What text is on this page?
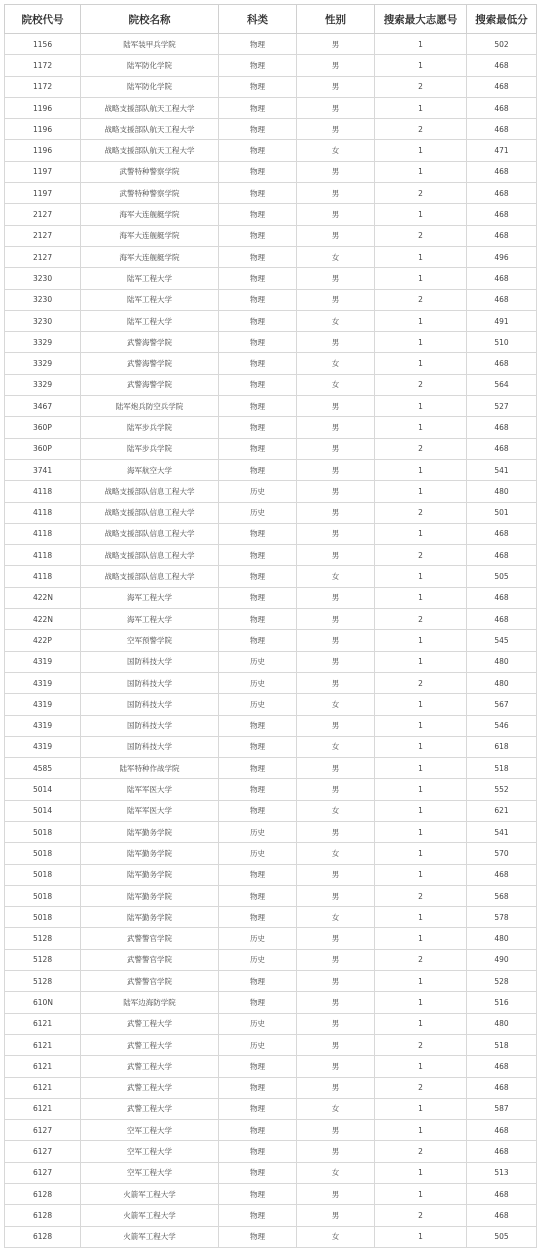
院校代号	院校名称	科类	性别	搜索最大志愿号	搜索最低分
1156	陆军装甲兵学院	物理	男	1	502
1172	陆军防化学院	物理	男	1	468
1172	陆军防化学院	物理	男	2	468
1196	战略支援部队航天工程大学	物理	男	1	468
1196	战略支援部队航天工程大学	物理	男	2	468
1196	战略支援部队航天工程大学	物理	女	1	471
1197	武警特种警察学院	物理	男	1	468
1197	武警特种警察学院	物理	男	2	468
2127	海军大连舰艇学院	物理	男	1	468
2127	海军大连舰艇学院	物理	男	2	468
2127	海军大连舰艇学院	物理	女	1	496
3230	陆军工程大学	物理	男	1	468
3230	陆军工程大学	物理	男	2	468
3230	陆军工程大学	物理	女	1	491
3329	武警海警学院	物理	男	1	510
3329	武警海警学院	物理	女	1	468
3329	武警海警学院	物理	女	2	564
3467	陆军炮兵防空兵学院	物理	男	1	527
360P	陆军步兵学院	物理	男	1	468
360P	陆军步兵学院	物理	男	2	468
3741	海军航空大学	物理	男	1	541
4118	战略支援部队信息工程大学	历史	男	1	480
4118	战略支援部队信息工程大学	历史	男	2	501
4118	战略支援部队信息工程大学	物理	男	1	468
4118	战略支援部队信息工程大学	物理	男	2	468
4118	战略支援部队信息工程大学	物理	女	1	505
422N	海军工程大学	物理	男	1	468
422N	海军工程大学	物理	男	2	468
422P	空军预警学院	物理	男	1	545
4319	国防科技大学	历史	男	1	480
4319	国防科技大学	历史	男	2	480
4319	国防科技大学	历史	女	1	567
4319	国防科技大学	物理	男	1	546
4319	国防科技大学	物理	女	1	618
4585	陆军特种作战学院	物理	男	1	518
5014	陆军军医大学	物理	男	1	552
5014	陆军军医大学	物理	女	1	621
5018	陆军勤务学院	历史	男	1	541
5018	陆军勤务学院	历史	女	1	570
5018	陆军勤务学院	物理	男	1	468
5018	陆军勤务学院	物理	男	2	568
5018	陆军勤务学院	物理	女	1	578
5128	武警警官学院	历史	男	1	480
5128	武警警官学院	历史	男	2	490
5128	武警警官学院	物理	男	1	528
610N	陆军边海防学院	物理	男	1	516
6121	武警工程大学	历史	男	1	480
6121	武警工程大学	历史	男	2	518
6121	武警工程大学	物理	男	1	468
6121	武警工程大学	物理	男	2	468
6121	武警工程大学	物理	女	1	587
6127	空军工程大学	物理	男	1	468
6127	空军工程大学	物理	男	2	468
6127	空军工程大学	物理	女	1	513
6128	火箭军工程大学	物理	男	1	468
6128	火箭军工程大学	物理	男	2	468
6128	火箭军工程大学	物理	女	1	505
